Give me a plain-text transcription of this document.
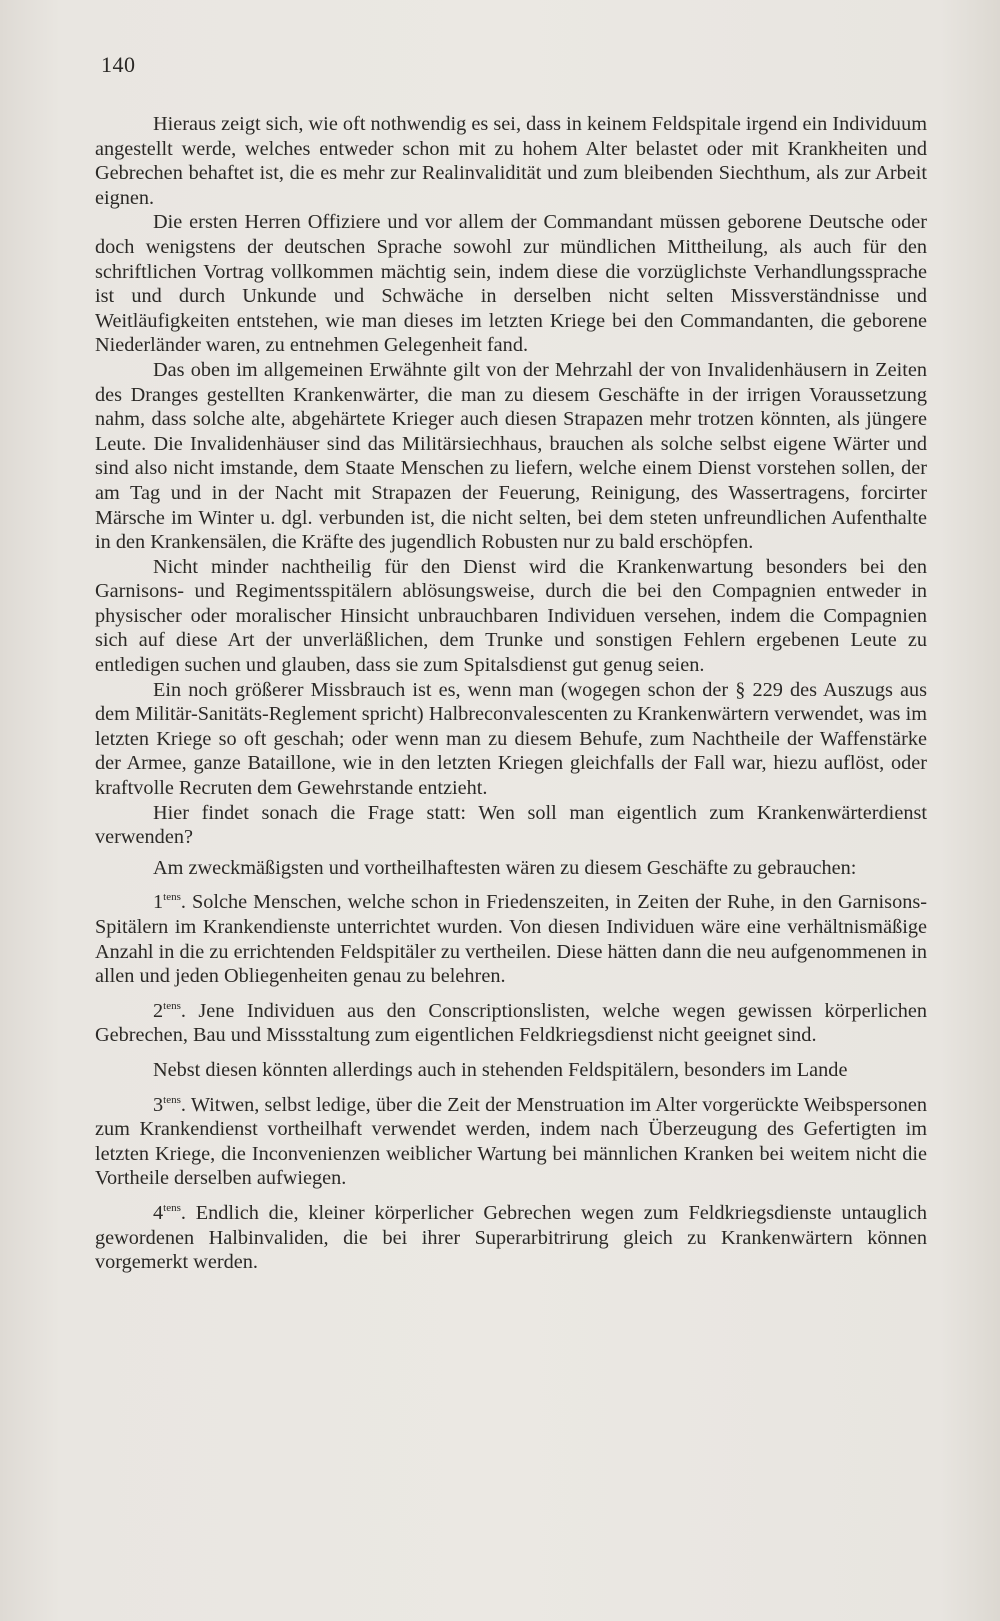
140

Hieraus zeigt sich, wie oft nothwendig es sei, dass in keinem Feldspitale irgend ein Individuum angestellt werde, welches entweder schon mit zu hohem Alter belastet oder mit Krankheiten und Gebrechen behaftet ist, die es mehr zur Realinvalidität und zum bleibenden Siechthum, als zur Arbeit eignen.

Die ersten Herren Offiziere und vor allem der Commandant müssen geborene Deutsche oder doch wenigstens der deutschen Sprache sowohl zur mündlichen Mittheilung, als auch für den schriftlichen Vortrag vollkommen mächtig sein, indem diese die vorzüglichste Verhandlungssprache ist und durch Unkunde und Schwäche in derselben nicht selten Missverständnisse und Weitläufigkeiten entstehen, wie man dieses im letzten Kriege bei den Commandanten, die geborene Niederländer waren, zu entnehmen Gelegenheit fand.

Das oben im allgemeinen Erwähnte gilt von der Mehrzahl der von Invalidenhäusern in Zeiten des Dranges gestellten Krankenwärter, die man zu diesem Geschäfte in der irrigen Voraussetzung nahm, dass solche alte, abgehärtete Krieger auch diesen Strapazen mehr trotzen könnten, als jüngere Leute. Die Invalidenhäuser sind das Militärsiechhaus, brauchen als solche selbst eigene Wärter und sind also nicht imstande, dem Staate Menschen zu liefern, welche einem Dienst vorstehen sollen, der am Tag und in der Nacht mit Strapazen der Feuerung, Reinigung, des Wassertragens, forcirter Märsche im Winter u. dgl. verbunden ist, die nicht selten, bei dem steten unfreundlichen Aufenthalte in den Krankensälen, die Kräfte des jugendlich Robusten nur zu bald erschöpfen.

Nicht minder nachtheilig für den Dienst wird die Krankenwartung besonders bei den Garnisons- und Regimentsspitälern ablösungsweise, durch die bei den Compagnien entweder in physischer oder moralischer Hinsicht unbrauchbaren Individuen versehen, indem die Compagnien sich auf diese Art der unverläßlichen, dem Trunke und sonstigen Fehlern ergebenen Leute zu entledigen suchen und glauben, dass sie zum Spitalsdienst gut genug seien.

Ein noch größerer Missbrauch ist es, wenn man (wogegen schon der § 229 des Auszugs aus dem Militär-Sanitäts-Reglement spricht) Halbreconvalescenten zu Krankenwärtern verwendet, was im letzten Kriege so oft geschah; oder wenn man zu diesem Behufe, zum Nachtheile der Waffenstärke der Armee, ganze Bataillone, wie in den letzten Kriegen gleichfalls der Fall war, hiezu auflöst, oder kraftvolle Recruten dem Gewehrstande entzieht.

Hier findet sonach die Frage statt: Wen soll man eigentlich zum Krankenwärterdienst verwenden?

Am zweckmäßigsten und vortheilhaftesten wären zu diesem Geschäfte zu gebrauchen:

$1^{tens}$. Solche Menschen, welche schon in Friedenszeiten, in Zeiten der Ruhe, in den Garnisons-Spitälern im Krankendienste unterrichtet wurden. Von diesen Individuen wäre eine verhältnismäßige Anzahl in die zu errichtenden Feldspitäler zu vertheilen. Diese hätten dann die neu aufgenommenen in allen und jeden Obliegenheiten genau zu belehren.

$2^{tens}$. Jene Individuen aus den Conscriptionslisten, welche wegen gewissen körperlichen Gebrechen, Bau und Missstaltung zum eigentlichen Feldkriegsdienst nicht geeignet sind.

Nebst diesen könnten allerdings auch in stehenden Feldspitälern, besonders im Lande

$3^{tens}$. Witwen, selbst ledige, über die Zeit der Menstruation im Alter vorgerückte Weibspersonen zum Krankendienst vortheilhaft verwendet werden, indem nach Überzeugung des Gefertigten im letzten Kriege, die Inconvenienzen weiblicher Wartung bei männlichen Kranken bei weitem nicht die Vortheile derselben aufwiegen.

$4^{tens}$. Endlich die, kleiner körperlicher Gebrechen wegen zum Feldkriegsdienste untauglich gewordenen Halbinvaliden, die bei ihrer Superarbitrirung gleich zu Krankenwärtern können vorgemerkt werden.
